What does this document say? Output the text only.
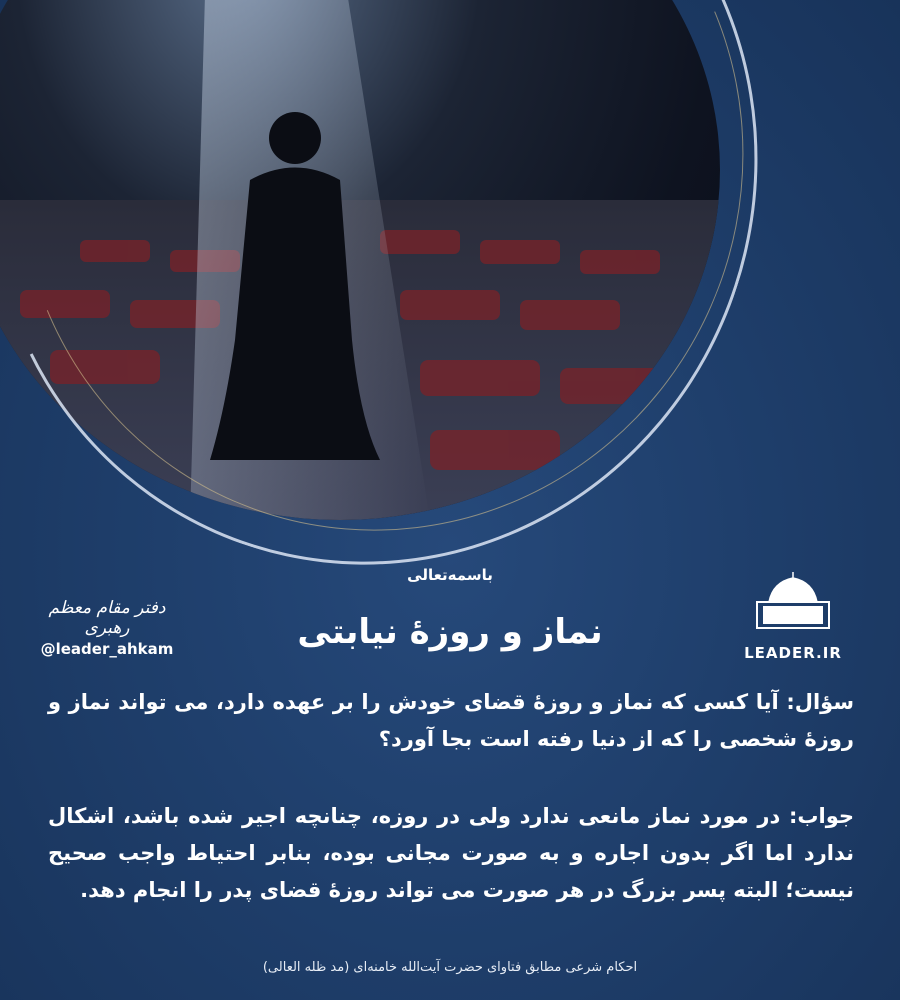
دفتر مقام معظم رهبری
@leader_ahkam	LEADER.IR
باسمه‌تعالی
نماز و روزۀ نیابتی
سؤال: آیا کسی که نماز و روزۀ قضای خودش را بر عهده دارد، می تواند نماز و روزۀ شخصی را که از دنیا رفته است بجا آورد؟
جواب: در مورد نماز مانعی ندارد ولی در روزه، چنانچه اجیر شده باشد، اشکال ندارد اما اگر بدون اجاره و به صورت مجانی بوده، بنابر احتیاط واجب صحیح نیست؛ البته پسر بزرگ در هر صورت می تواند روزۀ قضای پدر را انجام دهد.
احکام شرعی مطابق فتاوای حضرت آیت‌الله خامنه‌ای (مد ظله العالی)
